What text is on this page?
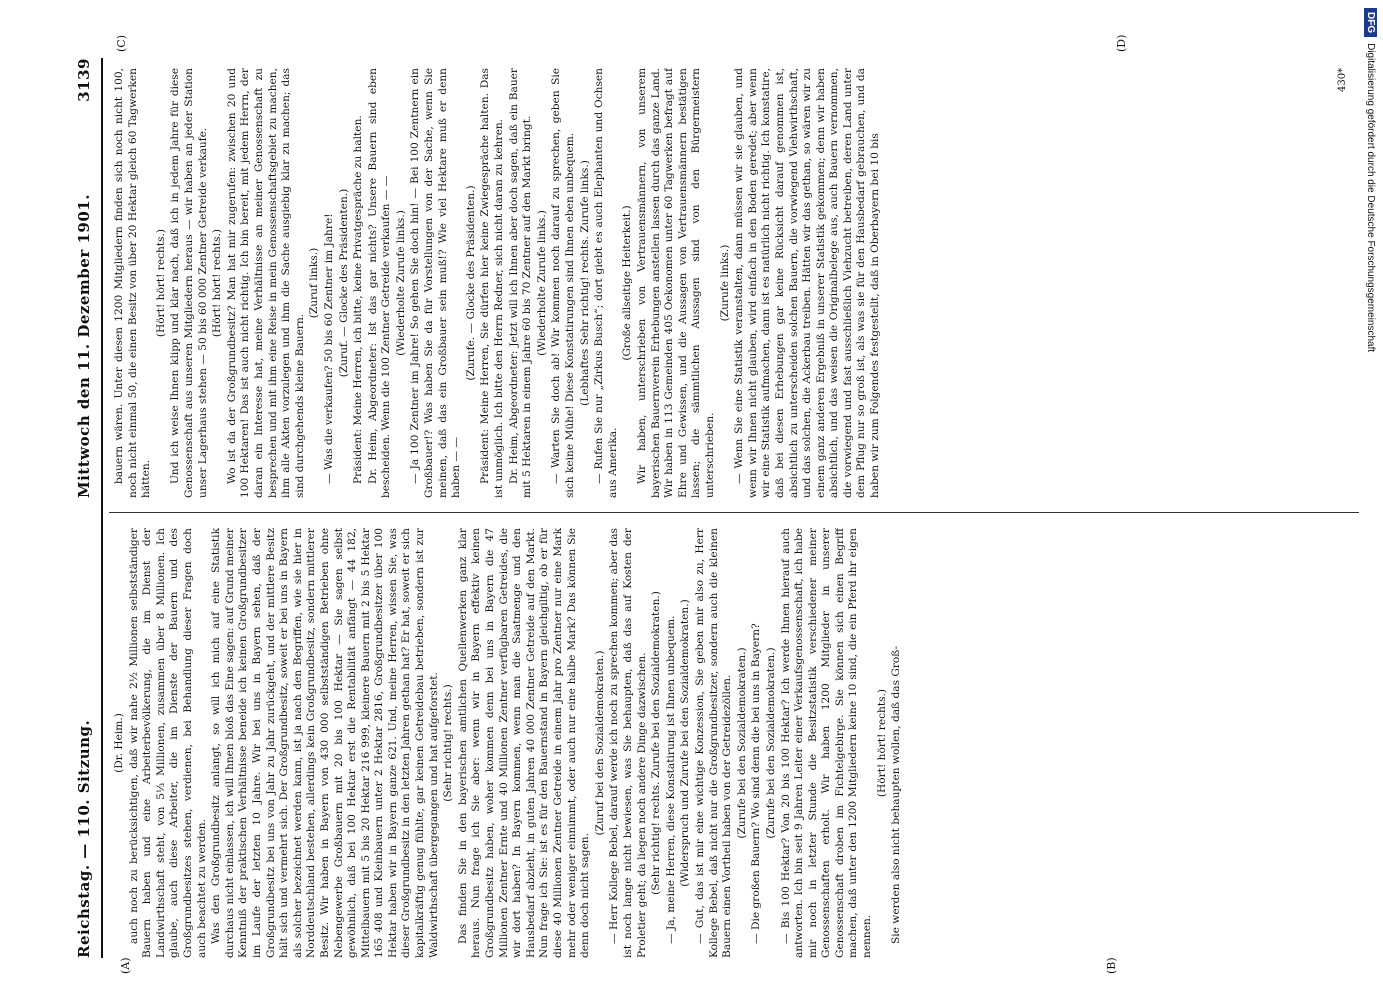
Reichstag. — 110. Sitzung.
Mittwoch den 11. Dezember 1901.
3139

(Dr. Heim.) auch noch zu berücksichtigen, daß wir nahe 2½ Millionen selbstständiger Bauern haben und eine Arbeiterbevölkerung, die im Dienst der Landwirthschaft steht, von 5⅓ Millionen, zusammen über 8 Millionen. Ich glaube, auch diese Arbeiter, die im Dienste der Bauern und des Großgrundbesitzes stehen, verdienen, bei Behandlung dieser Fragen doch auch beachtet zu werden. Was den Großgrundbesitz anlangt, so will ich mich auf eine Statistik durchaus nicht einlassen, ich will Ihnen bloß das Eine sagen: auf Grund meiner Kenntniß der praktischen Verhältnisse beneide ich keinen Großgrundbesitzer im Laufe der letzten 10 Jahre. Wir bei uns in Bayern sehen, daß der Großgrundbesitz bei uns von Jahr zu Jahr zurückgeht, und der mittlere Besitz hält sich und vermehrt sich. Der Großgrundbesitz, soweit er bei uns in Bayern als solcher bezeichnet werden kann, ist ja nach den Begriffen, wie sie hier in Norddeutschland bestehen, allerdings kein Großgrundbesitz, sondern mittlerer Besitz. Wir haben in Bayern von 430 000 selbstständigen Betrieben ohne Nebengewerbe Großbauern mit 20 bis 100 Hektar — Sie sagen selbst gewöhnlich, daß bei 100 Hektar erst die Rentabilität anfängt — 44 182, Mittelbauern mit 5 bis 20 Hektar 216 999, kleinere Bauern mit 2 bis 5 Hektar 165 408 und Kleinbauern unter 2 Hektar 2816, Großgrundbesitzer über 100 Hektar haben wir in Bayern ganze 621. Und, meine Herren, wissen Sie, was dieser Großgrundbesitz in den letzten Jahren gethan hat? Er hat, soweit er sich kapitalkräftig genug fühlte, gar keinen Getreidebau betrieben, sondern ist zur Waldwirthschaft übergegangen und hat aufgeforstet. (Sehr richtig! rechts.) Das finden Sie in den bayerischen amtlichen Quellenwerken ganz klar heraus. Nun frage ich Sie aber: wenn wir in Bayern effektiv keinen Großgrundbesitz haben, woher kommen denn bei uns in Bayern die 47 Millionen Zentner Ernte und 40 Millionen Zentner verfügbaren Getreides, die wir dort haben? In Bayern kommen, wenn man die Saatmenge und den Hausbedarf abzieht, in guten Jahren 40 000 Zentner Getreide auf den Markt. Nun frage ich Sie: ist es für den Bauernstand in Bayern gleichgiltig, ob er für diese 40 Millionen Zentner Getreide in einem Jahr pro Zentner nur eine Mark mehr oder weniger einnimmt, oder auch nur eine halbe Mark? Das können Sie denn doch nicht sagen.

(Zuruf bei den Sozialdemokraten.) — Herr Kollege Bebel, darauf werde ich noch zu sprechen kommen; aber das ist noch lange nicht bewiesen, was Sie behaupten, daß das auf Kosten der Proletier geht; da liegen noch andere Dinge dazwischen. (Sehr richtig! rechts. Zurufe bei den Sozialdemokraten.) — Ja, meine Herren, diese Konstatirung ist Ihnen unbequem. (Widerspruch und Zurufe bei den Sozialdemokraten.) — Gut, das ist mir eine wichtige Konzession, Sie geben mir also zu, Herr Kollege Bebel, daß nicht nur die Großgrundbesitzer, sondern auch die kleinen Bauern einen Vortheil haben von der Getreidezöllen. (Zurufe bei den Sozialdemokraten.) — Die großen Bauern? Wo sind denn die bei uns in Bayern? (Zurufe bei den Sozialdemokraten.) — Bis 100 Hektar? Von 20 bis 100 Hektar? Ich werde Ihnen hierauf auch antworten. Ich bin seit 9 Jahren Leiter einer Verkaufsgenossenschaft, ich habe mir noch in letzter Stunde die Besitzstatistik verschiedener meiner Genossenschaften erholt. Wir haben 1200 Mitglieder in unserer Genossenschaft droben im Fichtelgebirge. Sie können sich einen Begriff machen, daß unter den 1200 Mitgliedern keine 10 sind, die ein Pferd ihr eigen nennen.

(Hört! hört! rechts.) Sie werden also nicht behaupten wollen, daß das Groß-

bauern wären. Unter diesen 1200 Mitgliedern finden sich noch nicht 100, noch nicht einmal 50, die einen Besitz von über 20 Hektar gleich 60 Tagwerken hätten.

(Hört! hört! rechts.) Und ich weise Ihnen klipp und klar nach, daß ich in jedem Jahre für diese Genossenschaft aus unseren Mitgliedern heraus — wir haben an jeder Station unser Lagerhaus stehen — 50 bis 60 000 Zentner Getreide verkaufe. (Hört! hört! rechts.) Wo ist da der Großgrundbesitz? Man hat mir zugerufen: zwischen 20 und 100 Hektaren! Das ist auch nicht richtig. Ich bin bereit, mit jedem Herrn, der daran ein Interesse hat, meine Verhältnisse an meiner Genossenschaft zu besprechen und mit ihm eine Reise in mein Genossenschaftsgebiet zu machen, ihm alle Akten vorzulegen und ihm die Sache ausgiebig klar zu machen; das sind durchgehends kleine Bauern.

(Zuruf links.) — Was die verkaufen? 50 bis 60 Zentner im Jahre! (Zuruf. — Glocke des Präsidenten.) Präsident: Meine Herren, ich bitte, keine Privatgespräche zu halten. Dr. Heim, Abgeordneter: Ist das gar nichts? Unsere Bauern sind eben bescheiden. Wenn die 100 Zentner Getreide verkaufen — — (Wiederholte Zurufe links.) — Ja 100 Zentner im Jahre! So gehen Sie doch hin! — Bei 100 Zentnern ein Großbauer!? Was haben Sie da für Vorstellungen von der Sache, wenn Sie meinen, daß das ein Großbauer sein muß!? Wie viel Hektare muß er denn haben — —

(Zurufe. — Glocke des Präsidenten.) Präsident: Meine Herren, Sie dürfen hier keine Zwiegespräche halten. Das ist unmöglich. Ich bitte den Herrn Redner, sich nicht daran zu kehren. Dr. Heim, Abgeordneter: Jetzt will ich Ihnen aber doch sagen, daß ein Bauer mit 5 Hektaren in einem Jahre 60 bis 70 Zentner auf den Markt bringt. (Wiederholte Zurufe links.) — Warten Sie doch ab! Wir kommen noch darauf zu sprechen, geben Sie sich keine Mühe! Diese Konstatirungen sind Ihnen eben unbequem. (Lebhaftes Sehr richtig! rechts. Zurufe links.) — Rufen Sie nur „Zirkus Busch“; dort giebt es auch Elephanten und Ochsen aus Amerika.

(Große allseitige Heiterkeit.) Wir haben, unterschrieben von Vertrauensmännern, von unserem bayerischen Bauernverein Erhebungen anstellen lassen durch das ganze Land. Wir haben in 113 Gemeinden 405 Oekonomen unter 60 Tagwerken befragt auf Ehre und Gewissen, und die Aussagen von Vertrauensmännern bestätigen lassen; die sämmtlichen Aussagen sind von den Bürgermeistern unterschrieben.

(Zurufe links.) — Wenn Sie eine Statistik veranstalten, dann müssen wir sie glauben, und wenn wir Ihnen nicht glauben, wird einfach in den Boden geredet; aber wenn wir eine Statistik aufmachen, dann ist es natürlich nicht richtig. Ich konstatire, daß bei diesen Erhebungen gar keine Rücksicht darauf genommen ist, absichtlich zu unterscheiden solchen Bauern, die vorwiegend Viehwirthschaft, und das solchen, die Ackerbau treiben. Hätten wir das gethan, so wären wir zu einem ganz anderen Ergebniß in unserer Statistik gekommen; denn wir haben absichtlich, und das weisen die Originalbelege aus, auch Bauern vernommen, die vorwiegend und fast ausschließlich Viehzucht betreiben, deren Land unter dem Pflug nur so groß ist, als was sie für den Hausbedarf gebrauchen, und da haben wir zum Folgendes festgestellt, daß in Oberbayern bei 10 bis

(A)	(B)
(C)	(D)
430*
DFG
Digitalisierung gefördert durch die Deutsche Forschungsgemeinschaft
